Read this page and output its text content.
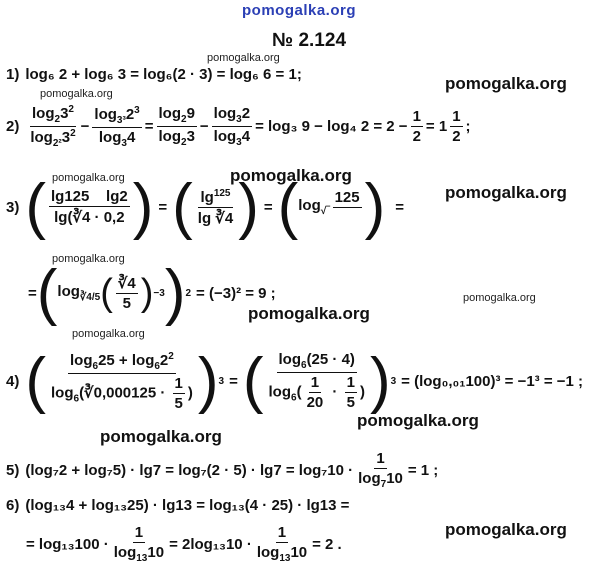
pomogalka.org
№ 2.124
pomogalka.org
pomogalka.org
pomogalka.org
pomogalka.org	pomogalka.org
pomogalka.org
pomogalka.org
pomogalka.org
pomogalka.org
pomogalka.org
pomogalka.org
pomogalka.org
pomogalka.org
1) log₆ 2 + log₆ 3 = log₆(2 · 3) = log₆ 6 = 1;
$2) \frac{\log_23^2}{\log_{2^2}3^2} - \frac{\log_{3^3}2^3}{\log_34} = \frac{\log_29}{\log_23} - \frac{\log_32}{\log_34} = \log_3$ 9 − log₄ $2 = 2 - \frac{1}{2} = 1 \frac{1}{2}$ ;
3) ( $\frac{\lg 125 \lg 2}{\lg(∛4 \cdot 0,2}$ ) = ( $\frac{\lg^{125}}{\lg ∛4}$ ) = ( $\log_{√‾}$
125
) =
= ( $\log_{∛4/5}$ ( $\frac{∛4}{5}$ ) −3 ) 2 = (−3)² = 9 ;
4) ( $\frac{\log_625 + \log_62^2}{\log_6(∛0,000125 \cdot \frac{1}{5} )}$ ) 3 = ( $\frac{\log_6(25 \cdot 4)}{\log_6( \frac{1}{20} \cdot \frac{1}{5} )}$ ) 3 = (log₀,₀₁100)³ = −1³ = −1 ;
5) $(\log_72 + \log_75) \cdot \lg 7 = \log_7(2 \cdot 5) \cdot \lg 7 = \log_710 \cdot \frac{1}{\log_710} = 1$ ;
6) (log₁₃4 + log₁₃25) · lg13 = log₁₃(4 · 25) · lg13 =
= $\log_{13}100 \cdot \frac{1}{\log_{13}10} = 2\log_{13}10 \cdot \frac{1}{\log_{13}10} = 2$ .
